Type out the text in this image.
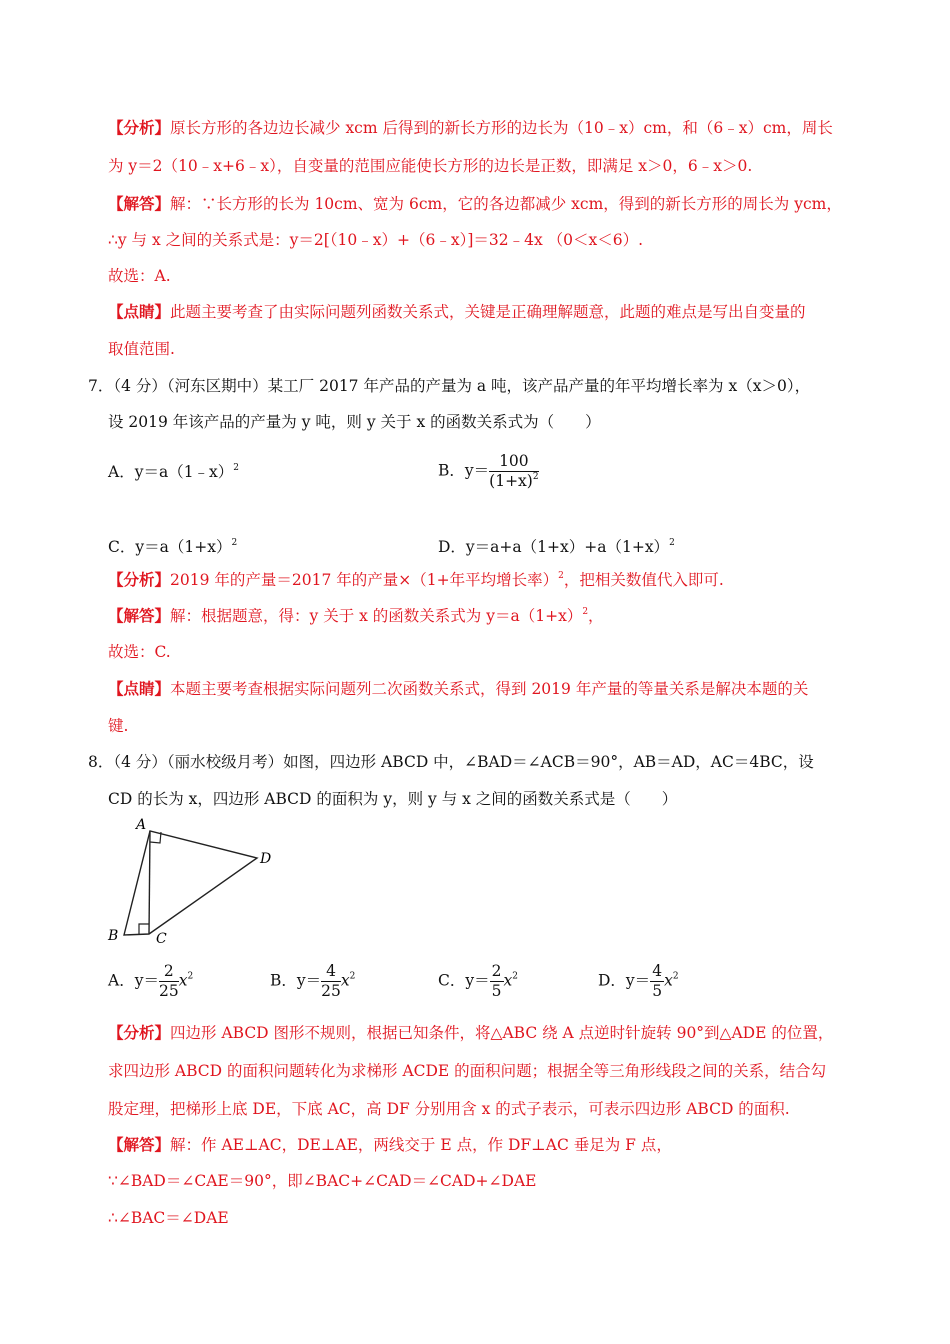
【分析】原长方形的各边边长减少 xcm 后得到的新长方形的边长为（10﹣x）cm，和（6﹣x）cm，周长
为 y＝2（10﹣x+6﹣x），自变量的范围应能使长方形的边长是正数，即满足 x＞0，6﹣x＞0.
【解答】解：∵长方形的长为 10cm、宽为 6cm，它的各边都减少 xcm，得到的新长方形的周长为 ycm，
∴y 与 x 之间的关系式是：y＝2[（10﹣x）+（6﹣x）]＝32﹣4x （0＜x＜6）.
故选：A.
【点睛】此题主要考查了由实际问题列函数关系式，关键是正确理解题意，此题的难点是写出自变量的
取值范围.
7．（4 分）（河东区期中）某工厂 2017 年产品的产量为 a 吨，该产品产量的年平均增长率为 x（x＞0），
设 2019 年该产品的产量为 y 吨，则 y 关于 x 的函数关系式为（　　）
A．y＝a（1﹣x）$^2$	B．$y= \frac{100}{(1+x)^2}$
C．$y=a(1+x)^2$	D．$y=a+a(1+x)+a(1+x)^2$
【分析】2019 年的产量＝2017 年的产量×（1+年平均增长率）$^2$，把相关数值代入即可.
【解答】解：根据题意，得：y 关于 x 的函数关系式为 $y=a(1+x)^2$，
故选：C.
【点睛】本题主要考查根据实际问题列二次函数关系式，得到 2019 年产量的等量关系是解决本题的关
键.
8．（4 分）（丽水校级月考）如图，四边形 ABCD 中，∠BAD＝∠ACB＝90°，AB＝AD，AC＝4BC，设
CD 的长为 x，四边形 ABCD 的面积为 y，则 y 与 x 之间的函数关系式是（　　）
A
B	C
D
A．$y= \frac{2}{25} x^2$	B．$y= \frac{4}{25} x^2$	C．$y= \frac{2}{5} x^2$	D．$y= \frac{4}{5} x^2$
【分析】四边形 ABCD 图形不规则，根据已知条件，将△ABC 绕 A 点逆时针旋转 90°到△ADE 的位置，
求四边形 ABCD 的面积问题转化为求梯形 ACDE 的面积问题；根据全等三角形线段之间的关系，结合勾
股定理，把梯形上底 DE，下底 AC，高 DF 分别用含 x 的式子表示，可表示四边形 ABCD 的面积.
【解答】解：作 AE⊥AC，DE⊥AE，两线交于 E 点，作 DF⊥AC 垂足为 F 点，
∵∠BAD＝∠CAE＝90°，即∠BAC+∠CAD＝∠CAD+∠DAE
∴∠BAC＝∠DAE
